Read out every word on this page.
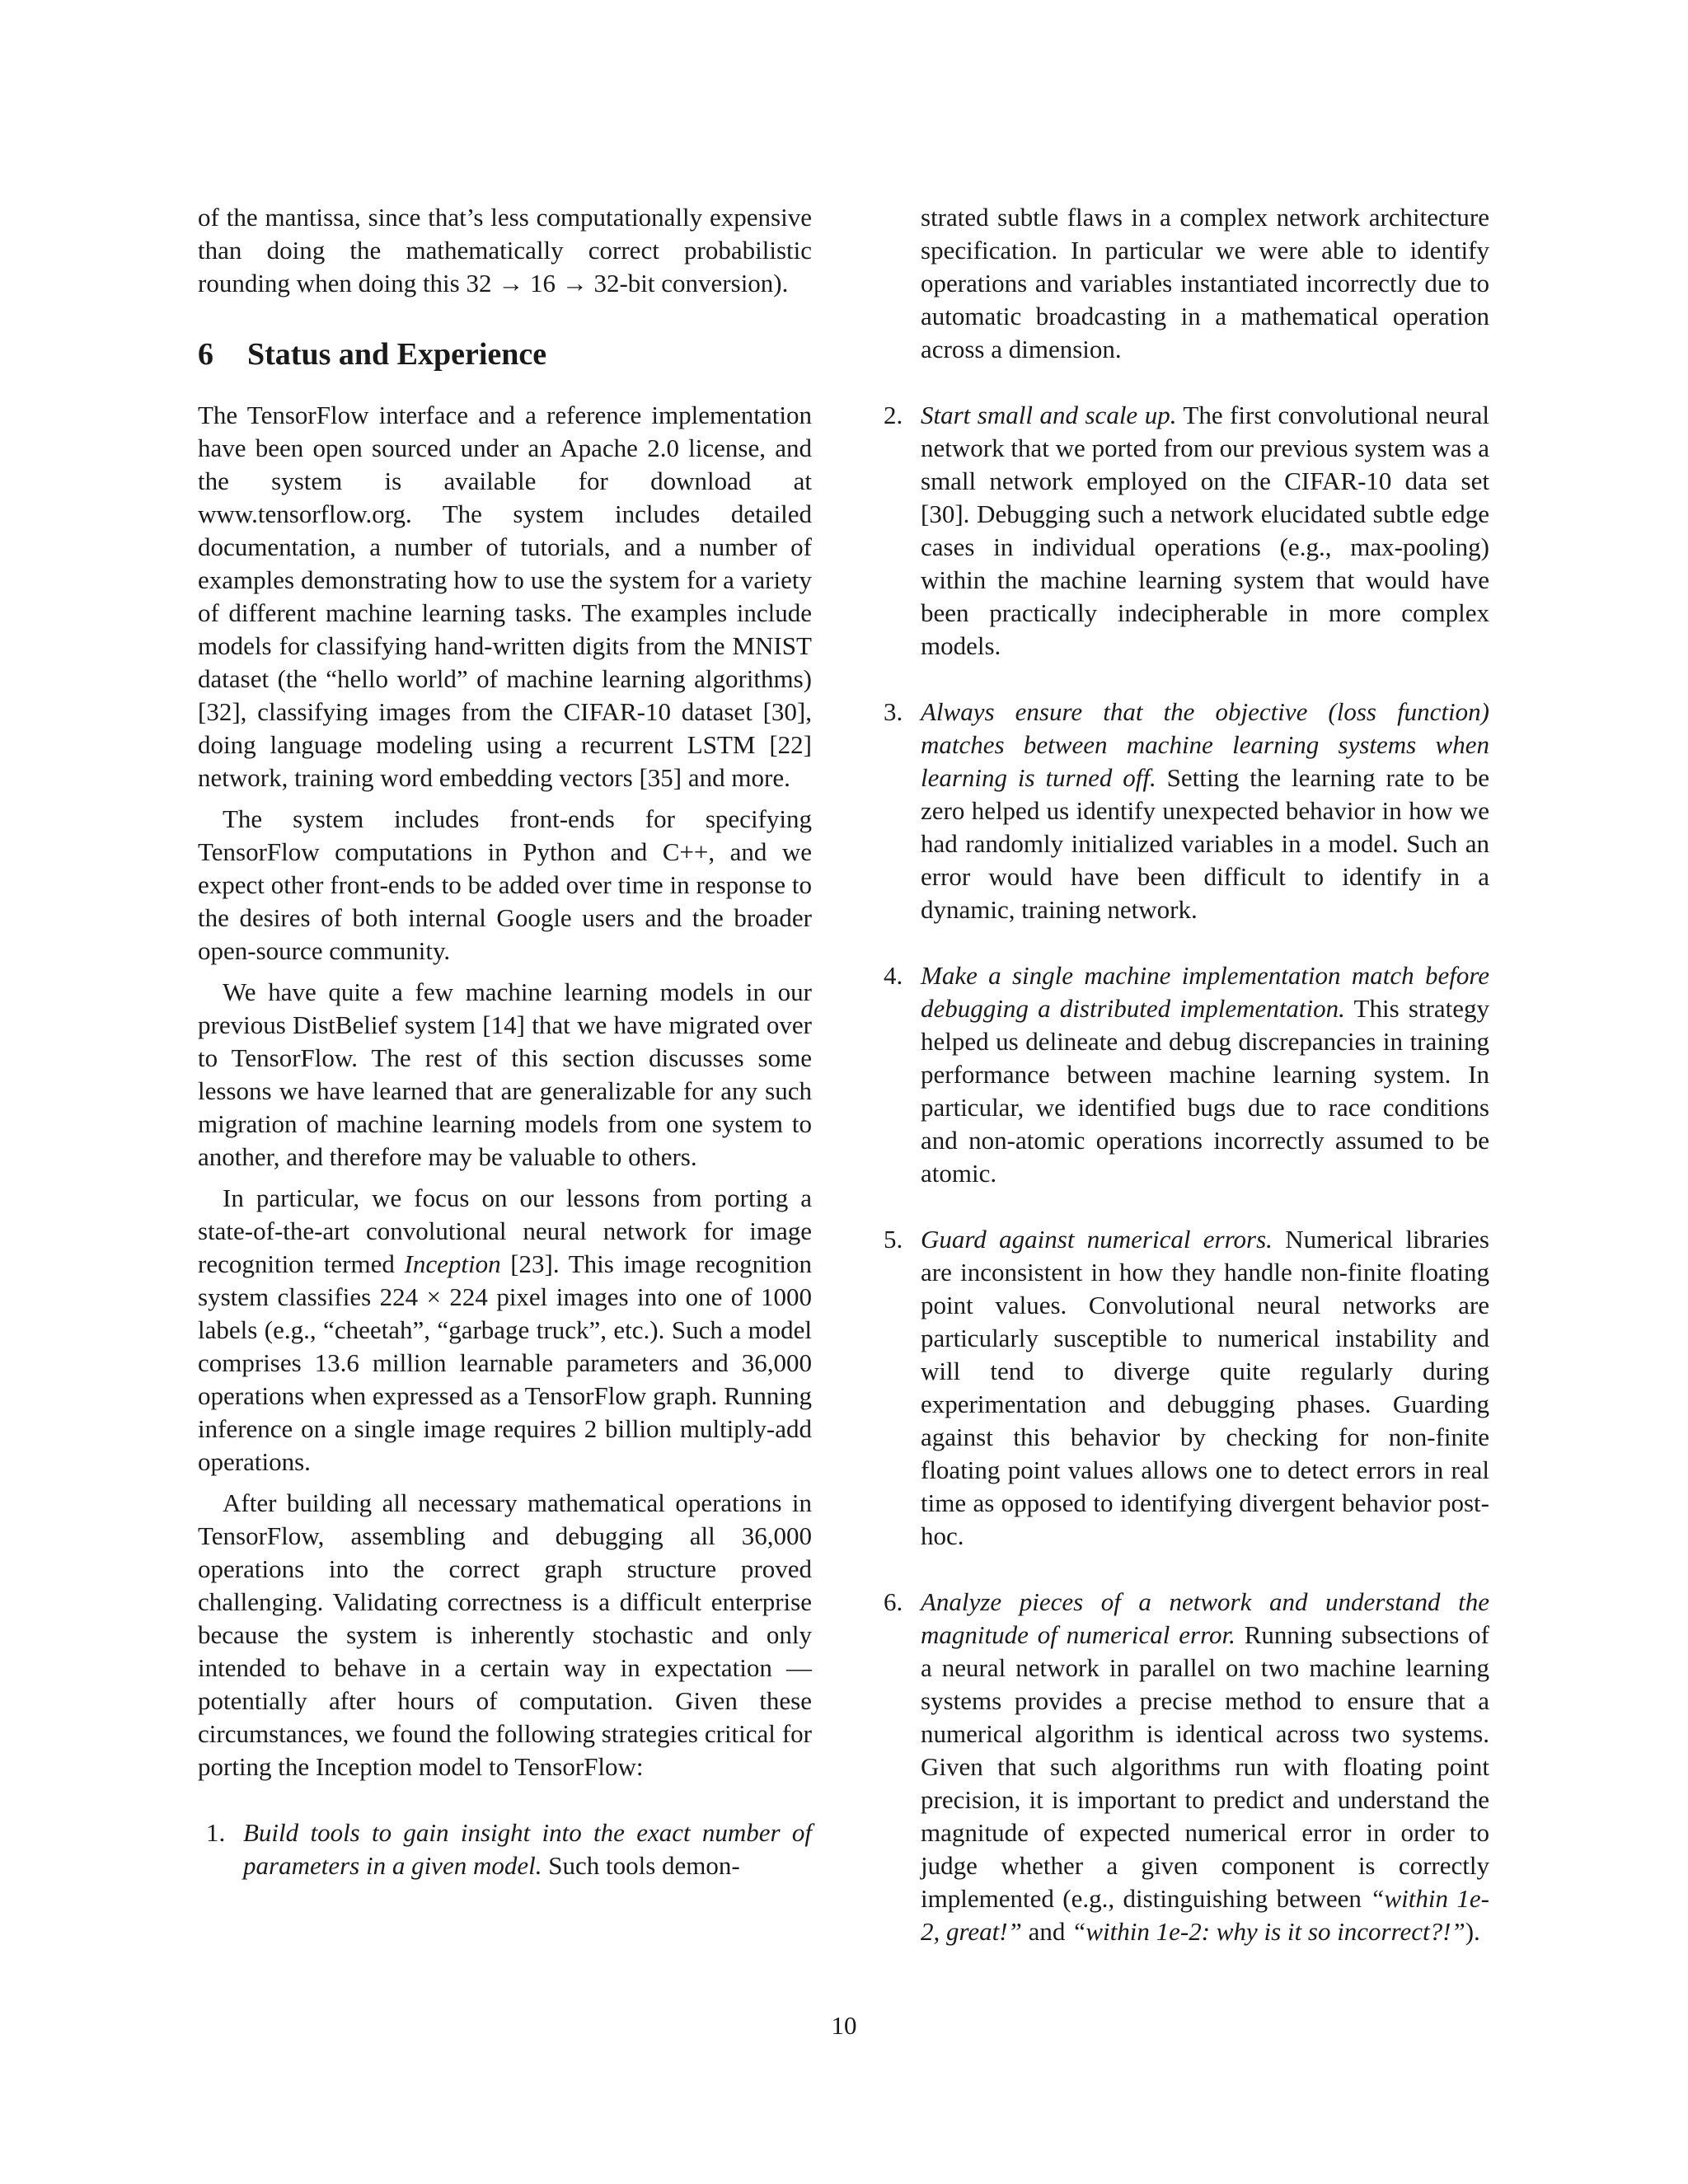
of the mantissa, since that’s less computationally expensive than doing the mathematically correct probabilistic rounding when doing this 32 → 16 → 32-bit conversion).

6 Status and Experience

The TensorFlow interface and a reference implementation have been open sourced under an Apache 2.0 license, and the system is available for download at www.tensorflow.org. The system includes detailed documentation, a number of tutorials, and a number of examples demonstrating how to use the system for a variety of different machine learning tasks. The examples include models for classifying hand-written digits from the MNIST dataset (the “hello world” of machine learning algorithms) [32], classifying images from the CIFAR-10 dataset [30], doing language modeling using a recurrent LSTM [22] network, training word embedding vectors [35] and more.

The system includes front-ends for specifying TensorFlow computations in Python and C++, and we expect other front-ends to be added over time in response to the desires of both internal Google users and the broader open-source community.

We have quite a few machine learning models in our previous DistBelief system [14] that we have migrated over to TensorFlow. The rest of this section discusses some lessons we have learned that are generalizable for any such migration of machine learning models from one system to another, and therefore may be valuable to others.

In particular, we focus on our lessons from porting a state-of-the-art convolutional neural network for image recognition termed Inception [23]. This image recognition system classifies 224 × 224 pixel images into one of 1000 labels (e.g., “cheetah”, “garbage truck”, etc.). Such a model comprises 13.6 million learnable parameters and 36,000 operations when expressed as a TensorFlow graph. Running inference on a single image requires 2 billion multiply-add operations.

After building all necessary mathematical operations in TensorFlow, assembling and debugging all 36,000 operations into the correct graph structure proved challenging. Validating correctness is a difficult enterprise because the system is inherently stochastic and only intended to behave in a certain way in expectation — potentially after hours of computation. Given these circumstances, we found the following strategies critical for porting the Inception model to TensorFlow:

1. Build tools to gain insight into the exact number of parameters in a given model. Such tools demon-
strated subtle flaws in a complex network architecture specification. In particular we were able to identify operations and variables instantiated incorrectly due to automatic broadcasting in a mathematical operation across a dimension.
2. Start small and scale up. The first convolutional neural network that we ported from our previous system was a small network employed on the CIFAR-10 data set [30]. Debugging such a network elucidated subtle edge cases in individual operations (e.g., max-pooling) within the machine learning system that would have been practically indecipherable in more complex models.
3. Always ensure that the objective (loss function) matches between machine learning systems when learning is turned off. Setting the learning rate to be zero helped us identify unexpected behavior in how we had randomly initialized variables in a model. Such an error would have been difficult to identify in a dynamic, training network.
4. Make a single machine implementation match before debugging a distributed implementation. This strategy helped us delineate and debug discrepancies in training performance between machine learning system. In particular, we identified bugs due to race conditions and non-atomic operations incorrectly assumed to be atomic.
5. Guard against numerical errors. Numerical libraries are inconsistent in how they handle non-finite floating point values. Convolutional neural networks are particularly susceptible to numerical instability and will tend to diverge quite regularly during experimentation and debugging phases. Guarding against this behavior by checking for non-finite floating point values allows one to detect errors in real time as opposed to identifying divergent behavior post-hoc.
6. Analyze pieces of a network and understand the magnitude of numerical error. Running subsections of a neural network in parallel on two machine learning systems provides a precise method to ensure that a numerical algorithm is identical across two systems. Given that such algorithms run with floating point precision, it is important to predict and understand the magnitude of expected numerical error in order to judge whether a given component is correctly implemented (e.g., distinguishing between “within 1e-2, great!” and “within 1e-2: why is it so incorrect?!”).
10
